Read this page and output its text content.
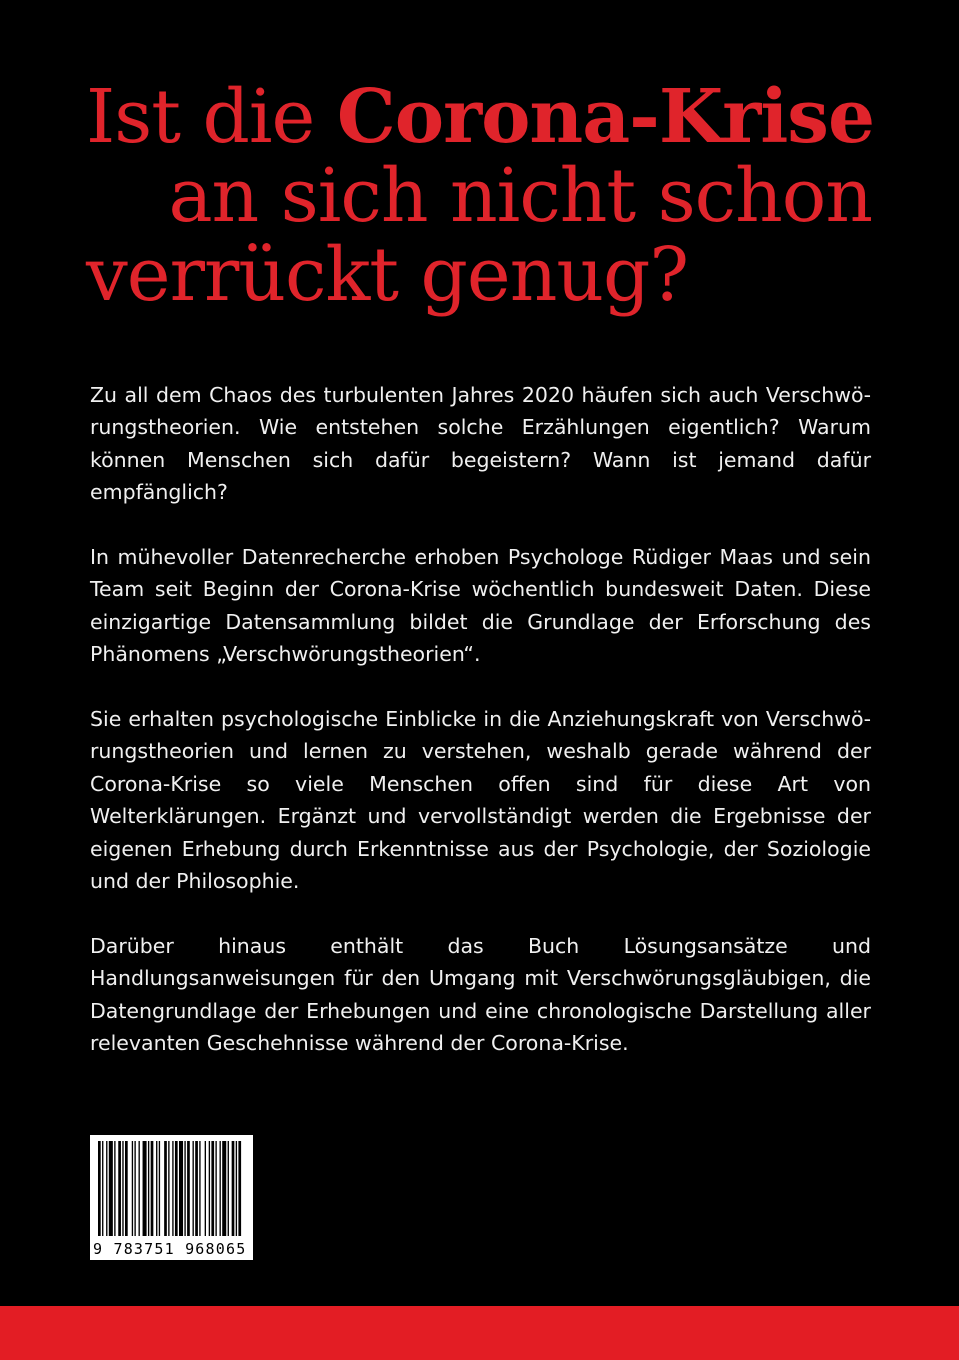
Ist die Corona-Krise
an sich nicht schon
verrückt genug?

Zu all dem Chaos des turbulenten Jahres 2020 häufen sich auch Verschwörungstheorien. Wie entstehen solche Erzählungen eigentlich? Warum können Menschen sich dafür begeistern? Wann ist jemand dafür empfänglich?

In mühevoller Datenrecherche erhoben Psychologe Rüdiger Maas und sein Team seit Beginn der Corona-Krise wöchentlich bundesweit Daten. Diese einzigartige Datensammlung bildet die Grundlage der Erforschung des Phänomens „Verschwörungstheorien“.

Sie erhalten psychologische Einblicke in die Anziehungskraft von Verschwörungstheorien und lernen zu verstehen, weshalb gerade während der Corona-Krise so viele Menschen offen sind für diese Art von Welterklärungen. Ergänzt und vervollständigt werden die Ergebnisse der eigenen Erhebung durch Erkenntnisse aus der Psychologie, der Soziologie und der Philosophie.

Darüber hinaus enthält das Buch Lösungsansätze und Handlungsanweisungen für den Umgang mit Verschwörungsgläubigen, die Datengrundlage der Erhebungen und eine chronologische Darstellung aller relevanten Geschehnisse während der Corona-Krise.

9 783751 968065
